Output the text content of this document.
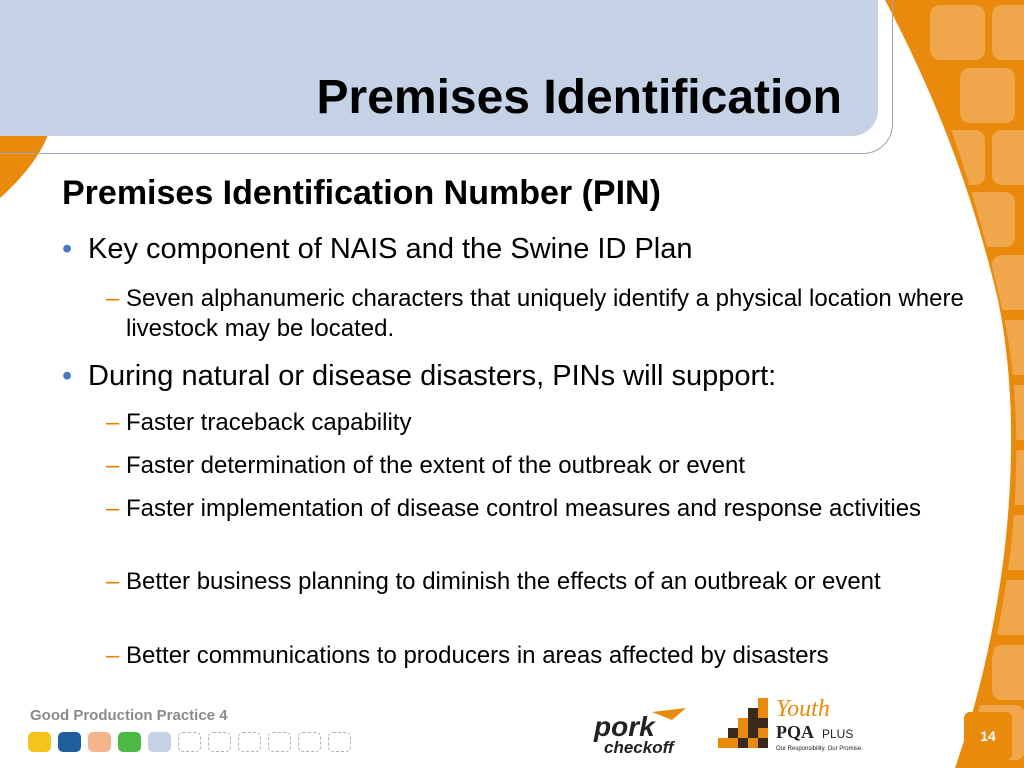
Premises Identification
Premises Identification Number (PIN)
• Key component of NAIS and the Swine ID Plan
– Seven alphanumeric characters that uniquely identify a physical location where livestock may be located.
• During natural or disease disasters, PINs will support:
– Faster traceback capability
– Faster determination of the extent of the outbreak or event
– Faster implementation of disease control measures and response activities
– Better business planning to diminish the effects of an outbreak or event
– Better communications to producers in areas affected by disasters
Good Production Practice 4	pork
checkoff
Youth
PQA PLUS
Our Responsibility. Our Promise.
14
